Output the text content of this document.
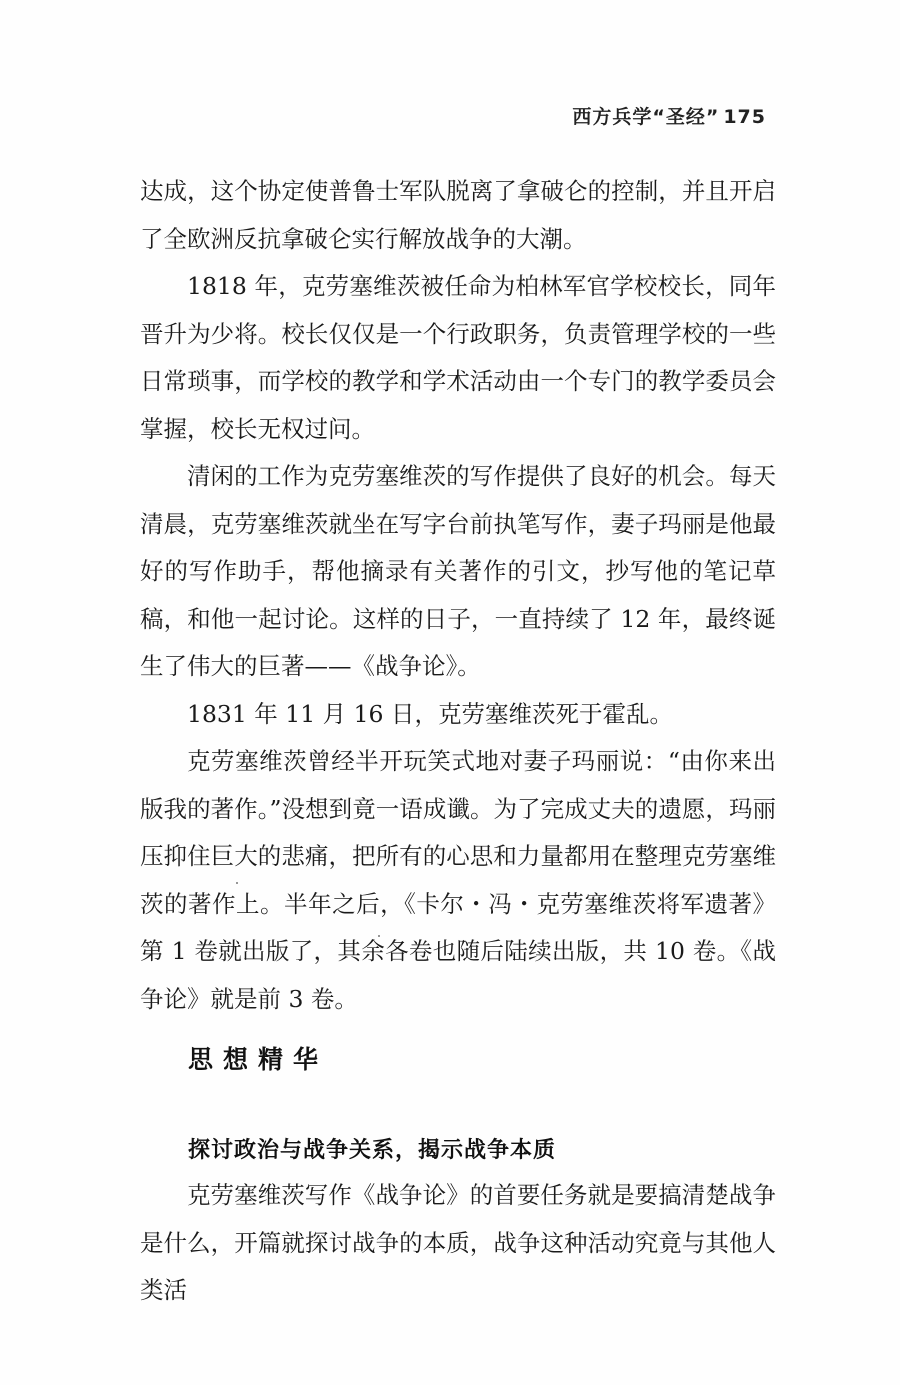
西方兵学“圣经” 175

达成，这个协定使普鲁士军队脱离了拿破仑的控制，并且开启了全欧洲反抗拿破仑实行解放战争的大潮。

1818 年，克劳塞维茨被任命为柏林军官学校校长，同年晋升为少将。校长仅仅是一个行政职务，负责管理学校的一些日常琐事，而学校的教学和学术活动由一个专门的教学委员会掌握，校长无权过问。

清闲的工作为克劳塞维茨的写作提供了良好的机会。每天清晨，克劳塞维茨就坐在写字台前执笔写作，妻子玛丽是他最好的写作助手，帮他摘录有关著作的引文，抄写他的笔记草稿，和他一起讨论。这样的日子，一直持续了 12 年，最终诞生了伟大的巨著——《战争论》。

1831 年 11 月 16 日，克劳塞维茨死于霍乱。

克劳塞维茨曾经半开玩笑式地对妻子玛丽说：“由你来出版我的著作。”没想到竟一语成谶。为了完成丈夫的遗愿，玛丽压抑住巨大的悲痛，把所有的心思和力量都用在整理克劳塞维茨的著作上。半年之后，《卡尔・冯・克劳塞维茨将军遗著》第 1 卷就出版了，其余各卷也随后陆续出版，共 10 卷。《战争论》就是前 3 卷。

思想精华
探讨政治与战争关系，揭示战争本质

克劳塞维茨写作《战争论》的首要任务就是要搞清楚战争是什么，开篇就探讨战争的本质，战争这种活动究竟与其他人类活
